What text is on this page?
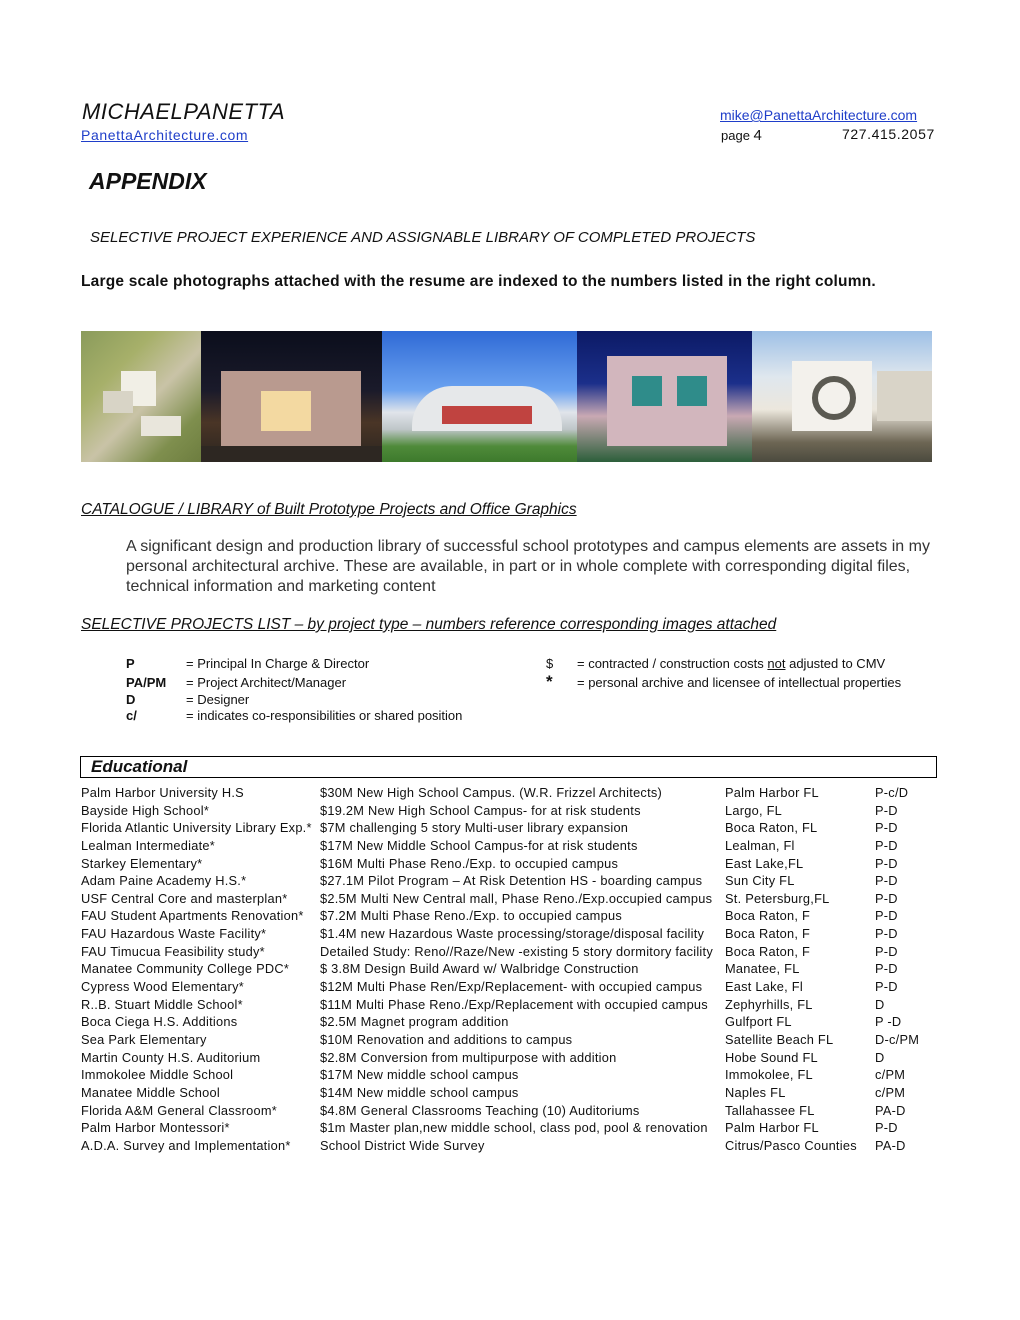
MICHAELPANETTA
PanettaArchitecture.com
mike@PanettaArchitecture.com
page 4	727.415.2057
APPENDIX
SELECTIVE PROJECT EXPERIENCE AND ASSIGNABLE LIBRARY OF COMPLETED PROJECTS
Large scale photographs attached with the resume are indexed to the numbers listed in the right column.
CATALOGUE / LIBRARY of Built Prototype Projects and Office Graphics
A significant design and production library of successful school prototypes and campus elements are assets in my personal architectural archive. These are available, in part or in whole complete with corresponding digital files, technical information and marketing content
SELECTIVE PROJECTS LIST – by project type – numbers reference corresponding images attached
P	= Principal In Charge & Director
PA/PM = Project Architect/Manager
D	= Designer
c/	= indicates co-responsibilities or shared position
$ = contracted / construction costs not adjusted to CMV
* = personal archive and licensee of intellectual properties
Educational
Palm Harbor University H.S	$30M New High School Campus. (W.R. Frizzel Architects)	Palm Harbor FL	P-c/D
Bayside High School*	$19.2M New High School Campus- for at risk students	Largo, FL	P-D
Florida Atlantic University Library Exp.*	$7M challenging 5 story Multi-user library expansion	Boca Raton, FL	P-D
Lealman Intermediate*	$17M New Middle School Campus-for at risk students	Lealman, Fl	P-D
Starkey Elementary*	$16M Multi Phase Reno./Exp. to occupied campus	East Lake,FL	P-D
Adam Paine Academy H.S.*	$27.1M Pilot Program – At Risk Detention HS - boarding campus	Sun City FL	P-D
USF Central Core and masterplan*	$2.5M Multi New Central mall, Phase Reno./Exp.occupied campus	St. Petersburg,FL	P-D
FAU Student Apartments Renovation*	$7.2M Multi Phase Reno./Exp. to occupied campus	Boca Raton, F	P-D
FAU Hazardous Waste Facility*	$1.4M new Hazardous Waste processing/storage/disposal facility	Boca Raton, F	P-D
FAU Timucua Feasibility study*	Detailed Study: Reno//Raze/New -existing 5 story dormitory facility	Boca Raton, F	P-D
Manatee Community College PDC*	$ 3.8M Design Build Award w/ Walbridge Construction	Manatee, FL	P-D
Cypress Wood Elementary*	$12M Multi Phase Ren/Exp/Replacement- with occupied campus	East Lake, Fl	P-D
R..B. Stuart Middle School*	$11M Multi Phase Reno./Exp/Replacement with occupied campus	Zephyrhills, FL	D
Boca Ciega H.S. Additions	$2.5M Magnet program addition	Gulfport FL	P -D
Sea Park Elementary	$10M Renovation and additions to campus	Satellite Beach FL	D-c/PM
Martin County H.S. Auditorium	$2.8M Conversion from multipurpose with addition	Hobe Sound FL	D
Immokolee Middle School	$17M New middle school campus	Immokolee, FL	c/PM
Manatee Middle School	$14M New middle school campus	Naples FL	c/PM
Florida A&M General Classroom*	$4.8M General Classrooms Teaching (10) Auditoriums	Tallahassee FL	PA-D
Palm Harbor Montessori*	$1m Master plan,new middle school, class pod, pool & renovation	Palm Harbor FL	P-D
A.D.A. Survey and Implementation*	School District Wide Survey	Citrus/Pasco Counties	PA-D
